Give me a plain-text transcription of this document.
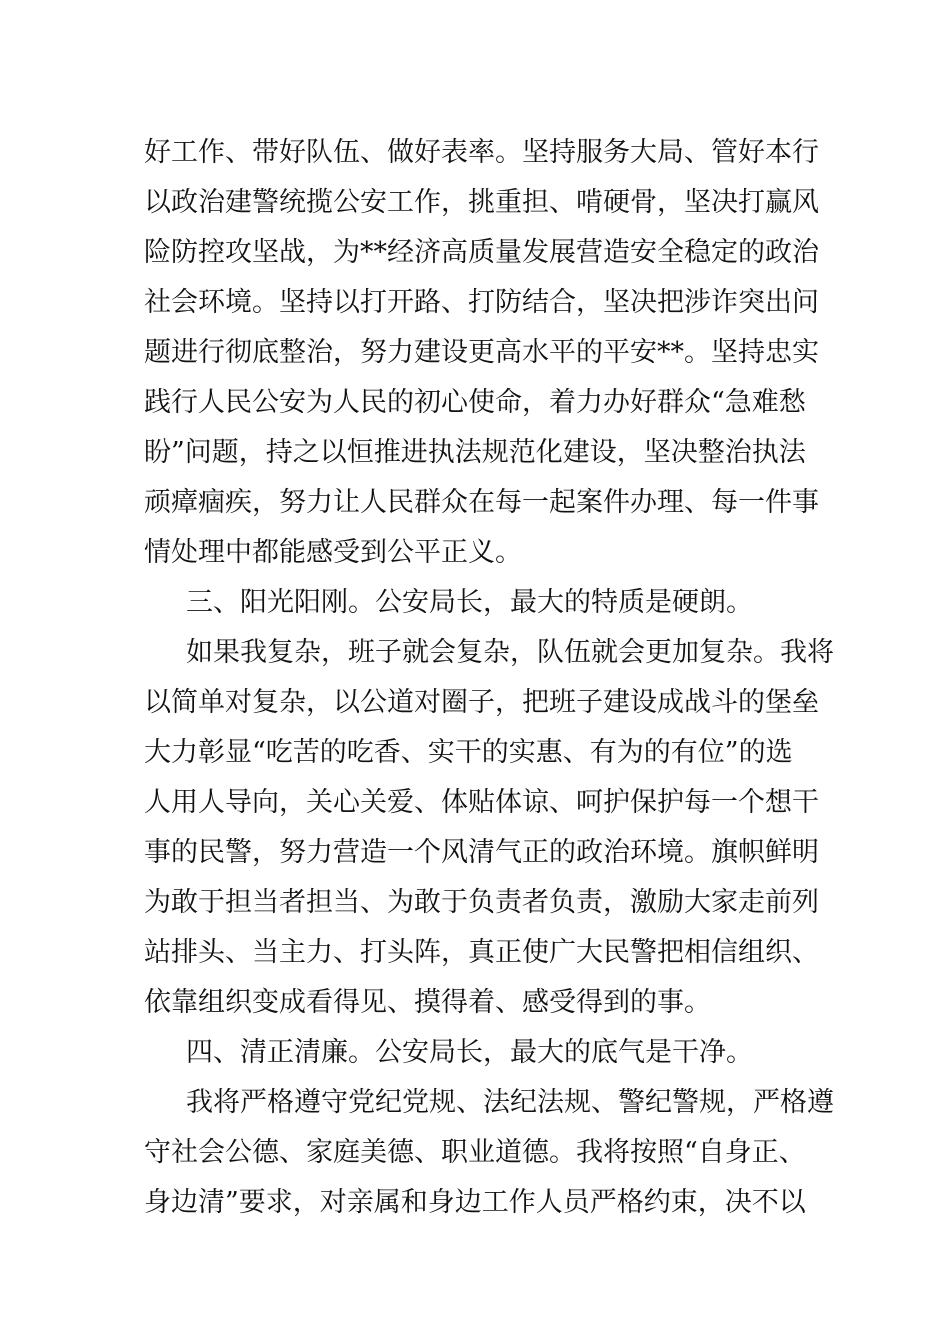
好工作、带好队伍、做好表率。坚持服务大局、管好本行
以政治建警统揽公安工作，挑重担、啃硬骨，坚决打赢风
险防控攻坚战，为**经济高质量发展营造安全稳定的政治
社会环境。坚持以打开路、打防结合，坚决把涉诈突出问
题进行彻底整治，努力建设更高水平的平安**。坚持忠实
践行人民公安为人民的初心使命，着力办好群众“急难愁
盼”问题，持之以恒推进执法规范化建设，坚决整治执法
顽瘴痼疾，努力让人民群众在每一起案件办理、每一件事
情处理中都能感受到公平正义。
三、阳光阳刚。公安局长，最大的特质是硬朗。
如果我复杂，班子就会复杂，队伍就会更加复杂。我将
以简单对复杂，以公道对圈子，把班子建设成战斗的堡垒
大力彰显“吃苦的吃香、实干的实惠、有为的有位”的选
人用人导向，关心关爱、体贴体谅、呵护保护每一个想干
事的民警，努力营造一个风清气正的政治环境。旗帜鲜明
为敢于担当者担当、为敢于负责者负责，激励大家走前列
站排头、当主力、打头阵，真正使广大民警把相信组织、
依靠组织变成看得见、摸得着、感受得到的事。
四、清正清廉。公安局长，最大的底气是干净。
我将严格遵守党纪党规、法纪法规、警纪警规，严格遵
守社会公德、家庭美德、职业道德。我将按照“自身正、
身边清”要求，对亲属和身边工作人员严格约束，决不以
